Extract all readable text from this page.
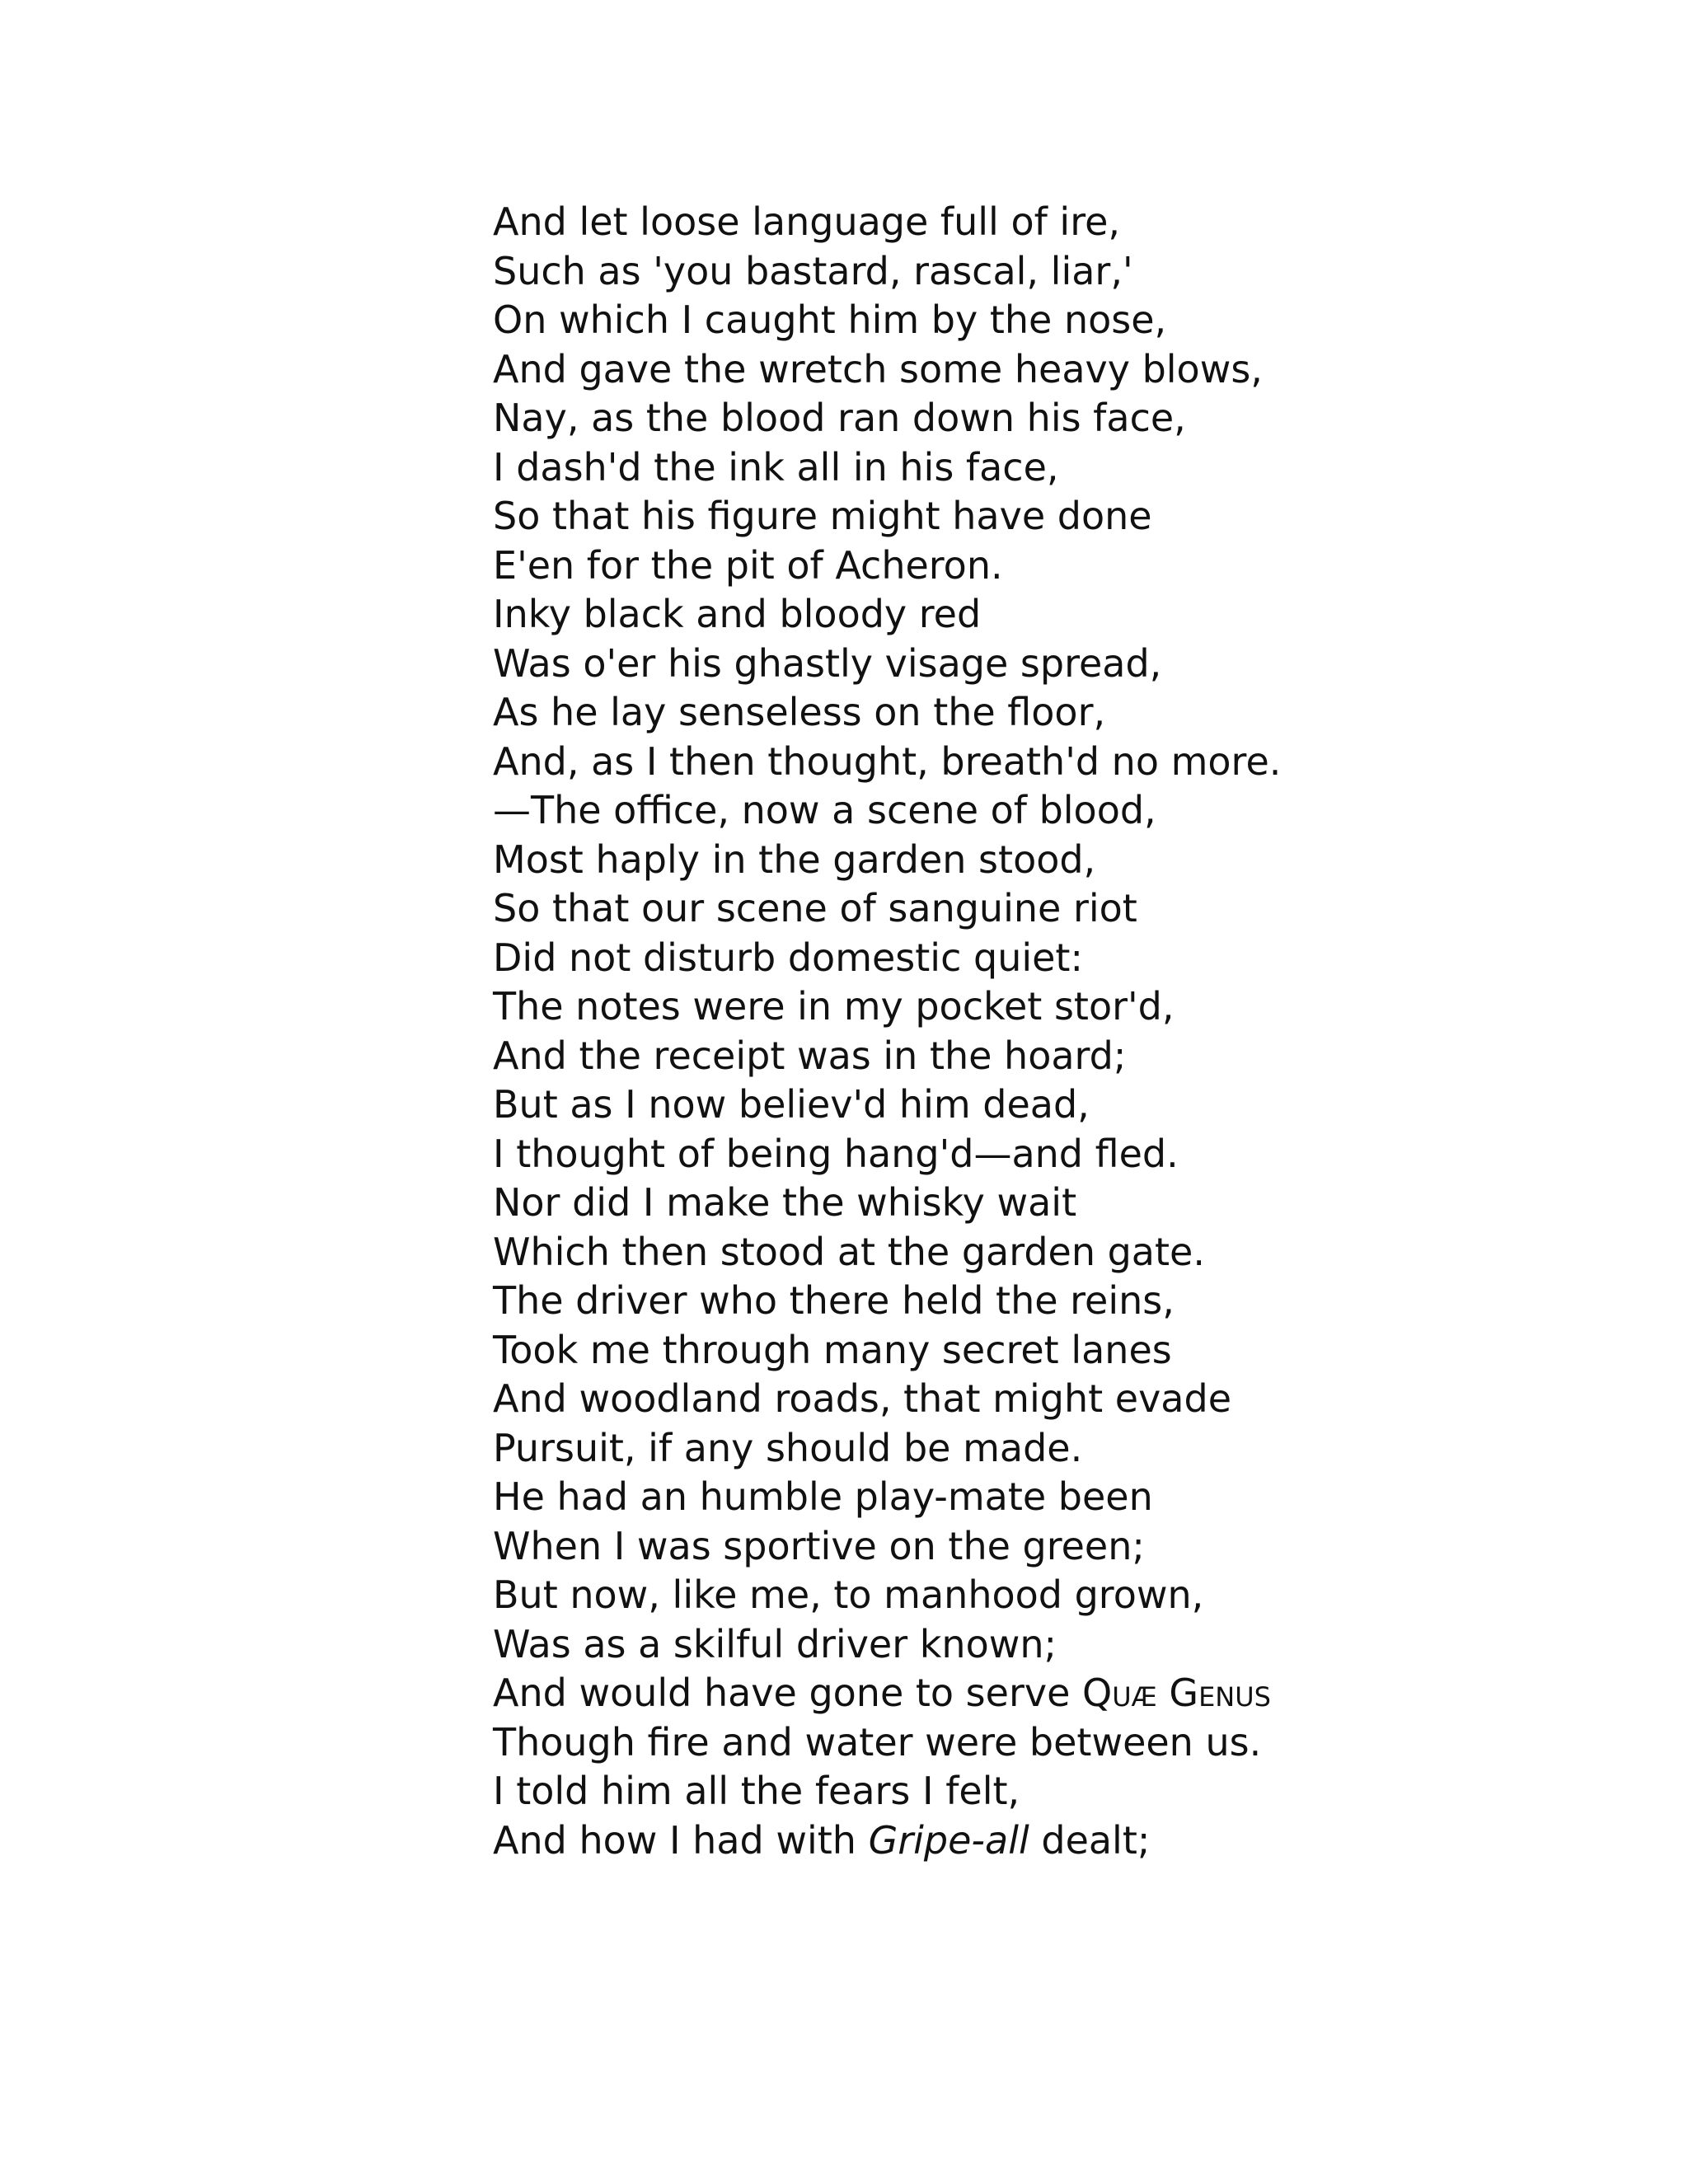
And let loose language full of ire,
Such as 'you bastard, rascal, liar,'
On which I caught him by the nose,
And gave the wretch some heavy blows,
Nay, as the blood ran down his face,
I dash'd the ink all in his face,
So that his figure might have done
E'en for the pit of Acheron.
Inky black and bloody red
Was o'er his ghastly visage spread,
As he lay senseless on the floor,
And, as I then thought, breath'd no more.
—The office, now a scene of blood,
Most haply in the garden stood,
So that our scene of sanguine riot
Did not disturb domestic quiet:
The notes were in my pocket stor'd,
And the receipt was in the hoard;
But as I now believ'd him dead,
I thought of being hang'd—and fled.
Nor did I make the whisky wait
Which then stood at the garden gate.
The driver who there held the reins,
Took me through many secret lanes
And woodland roads, that might evade
Pursuit, if any should be made.
He had an humble play-mate been
When I was sportive on the green;
But now, like me, to manhood grown,
Was as a skilful driver known;
And would have gone to serve Quæ Genus
Though fire and water were between us.
I told him all the fears I felt,
And how I had with Gripe-all dealt;
